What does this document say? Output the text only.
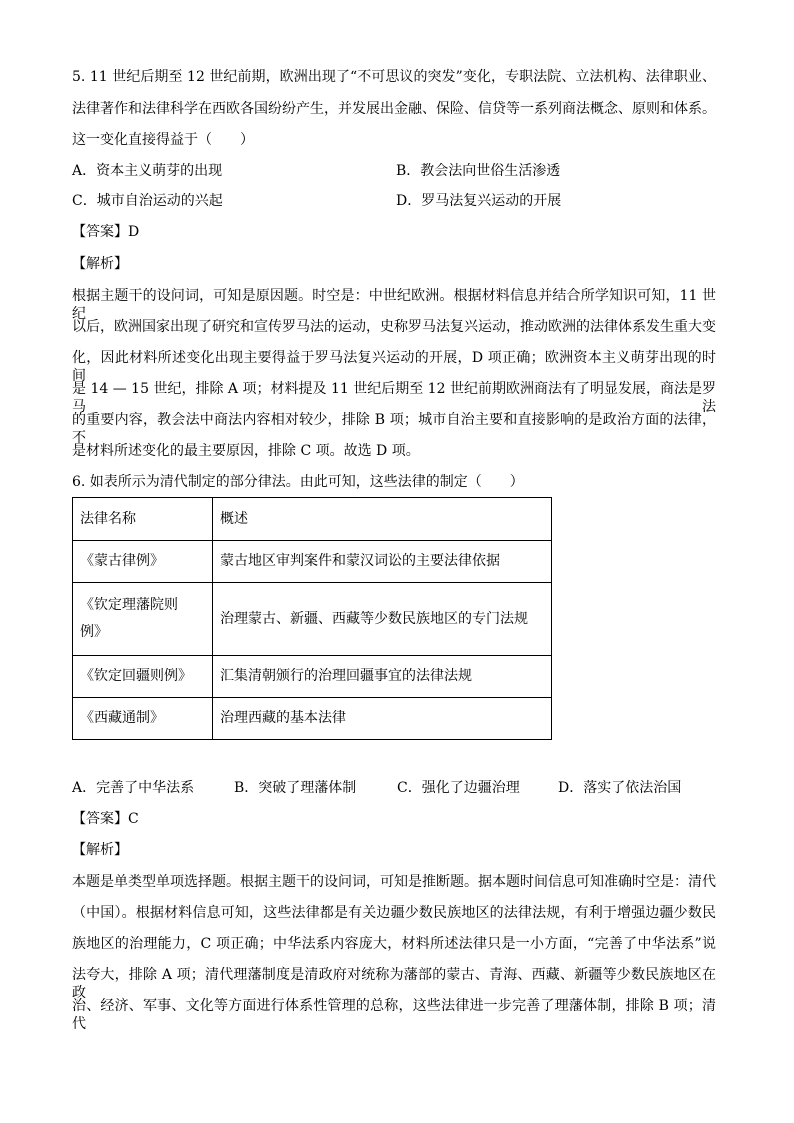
5. 11 世纪后期至 12 世纪前期，欧洲出现了“不可思议的突发”变化，专职法院、立法机构、法律职业、
法律著作和法律科学在西欧各国纷纷产生，并发展出金融、保险、信贷等一系列商法概念、原则和体系。
这一变化直接得益于（　　）
A．资本主义萌芽的出现	B．教会法向世俗生活渗透
C．城市自治运动的兴起	D．罗马法复兴运动的开展
【答案】D
【解析】
根据主题干的设问词，可知是原因题。时空是：中世纪欧洲。根据材料信息并结合所学知识可知，11 世纪
以后，欧洲国家出现了研究和宣传罗马法的运动，史称罗马法复兴运动，推动欧洲的法律体系发生重大变
化，因此材料所述变化出现主要得益于罗马法复兴运动的开展，D 项正确；欧洲资本主义萌芽出现的时间
是 14 — 15 世纪，排除 A 项；材料提及 11 世纪后期至 12 世纪前期欧洲商法有了明显发展，商法是罗马法
的重要内容，教会法中商法内容相对较少，排除 B 项；城市自治主要和直接影响的是政治方面的法律，不
是材料所述变化的最主要原因，排除 C 项。故选 D 项。
6. 如表所示为清代制定的部分律法。由此可知，这些法律的制定（　　）
法律名称	概述
《蒙古律例》	蒙古地区审判案件和蒙汉词讼的主要法律依据

《钦定理藩院则
例》	治理蒙古、新疆、西藏等少数民族地区的专门法规
《钦定回疆则例》	汇集清朝颁行的治理回疆事宜的法律法规
《西藏通制》	治理西藏的基本法律
A．完善了中华法系	B．突破了理藩体制	C．强化了边疆治理	D．落实了依法治国
【答案】C
【解析】
本题是单类型单项选择题。根据主题干的设问词，可知是推断题。据本题时间信息可知准确时空是：清代
（中国）。根据材料信息可知，这些法律都是有关边疆少数民族地区的法律法规，有利于增强边疆少数民
族地区的治理能力，C 项正确；中华法系内容庞大，材料所述法律只是一小方面，“完善了中华法系”说
法夸大，排除 A 项；清代理藩制度是清政府对统称为藩部的蒙古、青海、西藏、新疆等少数民族地区在政
治、经济、军事、文化等方面进行体系性管理的总称，这些法律进一步完善了理藩体制，排除 B 项；清代
